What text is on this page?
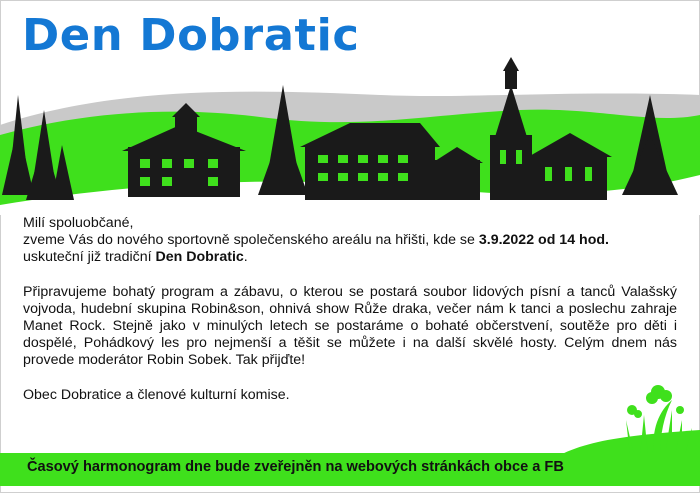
Den Dobratic

Milí spoluobčané,
zveme Vás do nového sportovně společenského areálu na hřišti, kde se 3.9.2022 od 14 hod.
uskuteční již tradiční Den Dobratic.

Připravujeme bohatý program a zábavu, o kterou se postará soubor lidových písní a tanců Valašský vojvoda, hudební skupina Robin&son, ohnivá show Růže draka, večer nám k tanci a poslechu zahraje Manet Rock. Stejně jako v minulých letech se postaráme o bohaté občerstvení, soutěže pro děti i dospělé, Pohádkový les pro nejmenší a těšit se můžete i na další skvělé hosty. Celým dnem nás provede moderátor Robin Sobek. Tak přijďte!

Obec Dobratice a členové kulturní komise.

Časový harmonogram dne bude zveřejněn na webových stránkách obce a FB
